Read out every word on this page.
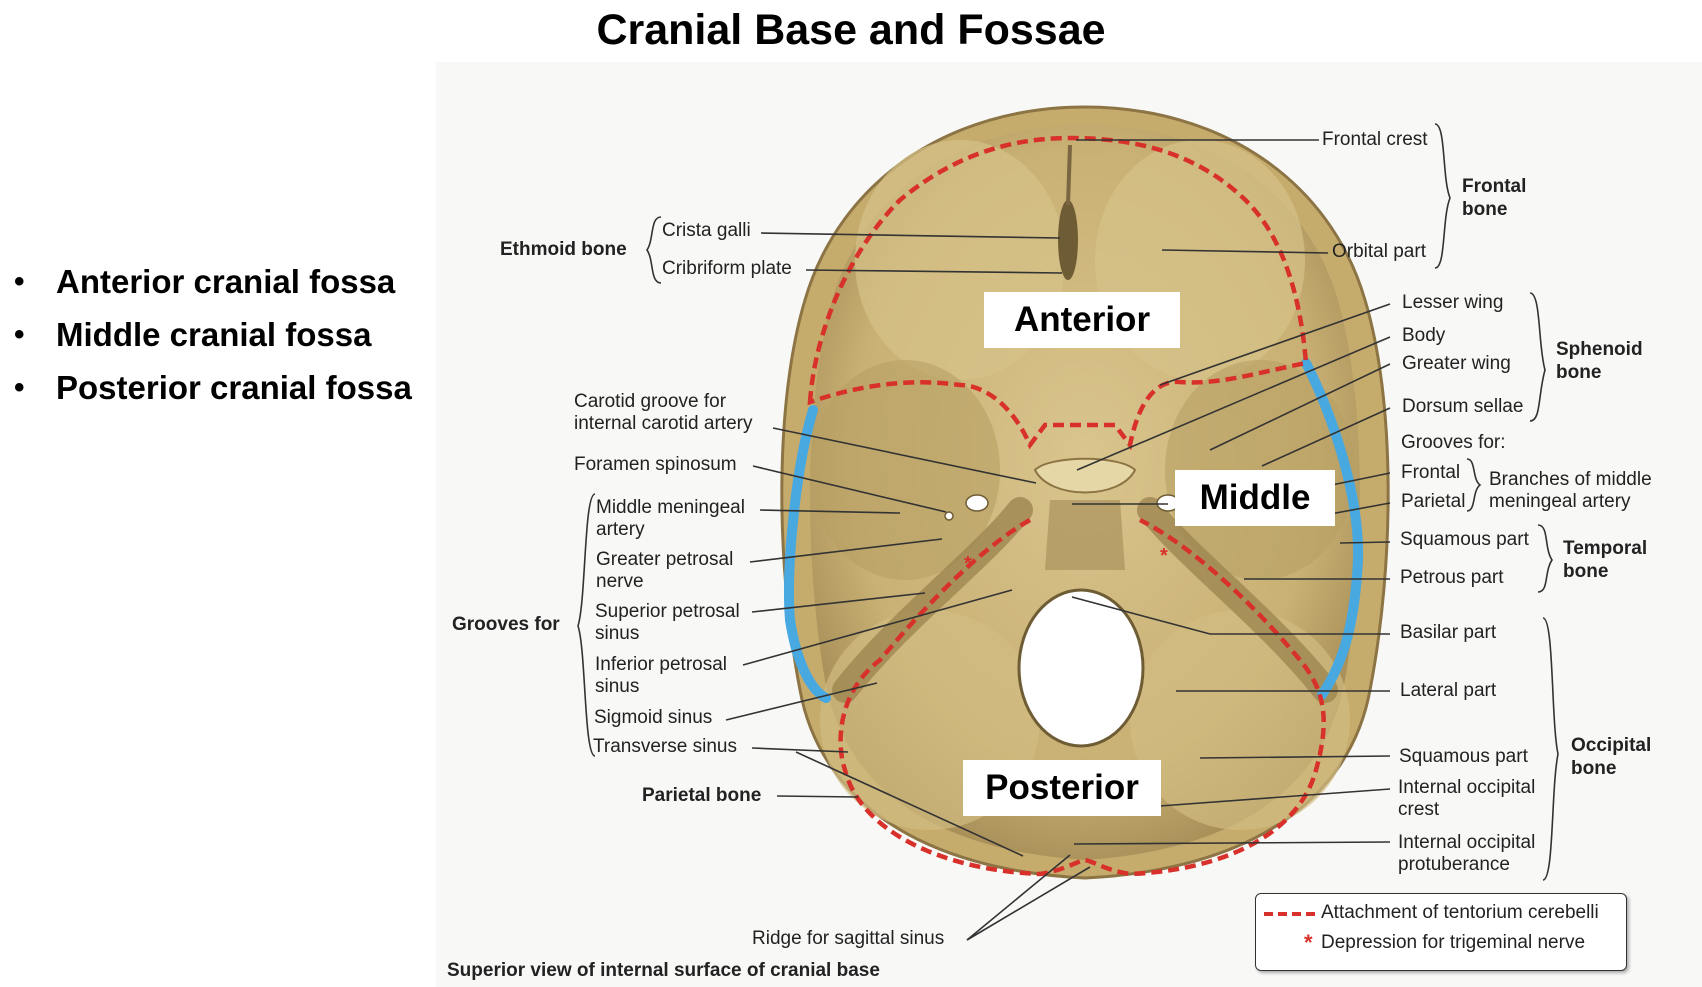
Cranial Base and Fossae
• Anterior cranial fossa
• Middle cranial fossa
• Posterior cranial fossa
*	*
Anterior
Middle
Posterior
Ethmoid bone
Crista galli
Cribriform plate
Carotid groove for
internal carotid artery
Foramen spinosum
Grooves for
Middle meningeal
artery
Greater petrosal
nerve
Superior petrosal
sinus
Inferior petrosal
sinus
Sigmoid sinus
Transverse sinus
Parietal bone
Ridge for sagittal sinus
Frontal crest
Orbital part
Frontal
bone
Lesser wing
Body
Greater wing
Dorsum sellae
Sphenoid
bone
Grooves for:
Frontal
Parietal
Branches of middle
meningeal artery
Squamous part
Petrous part
Temporal
bone
Basilar part
Lateral part
Squamous part
Internal occipital
crest
Internal occipital
protuberance
Occipital
bone
Attachment of tentorium cerebelli
* Depression for trigeminal nerve
Superior view of internal surface of cranial base
